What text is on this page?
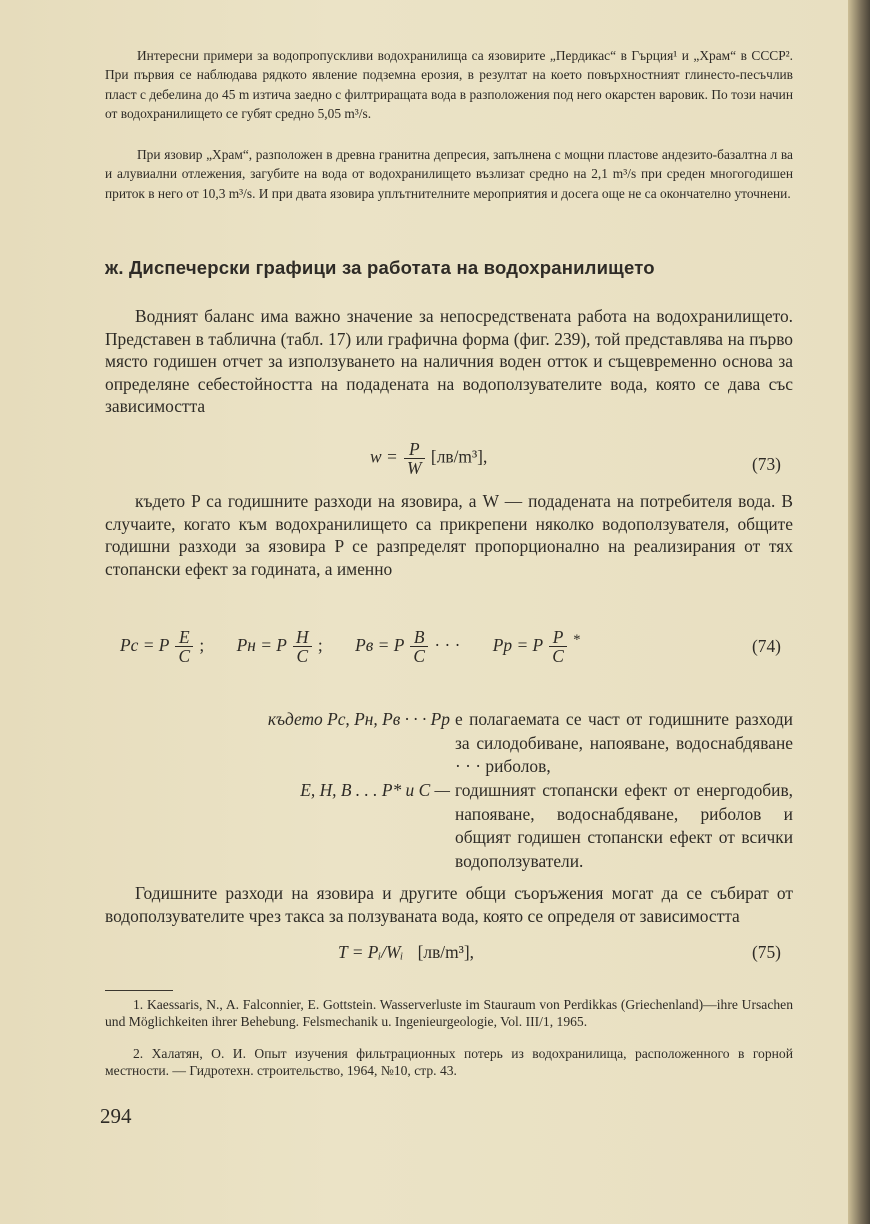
Интересни примери за водопропускливи водохранилища са язовирите „Пердикас“ в Гърция¹ и „Храм“ в СССР². При първия се наблюдава рядкото явление подземна ерозия, в резултат на което повърхностният глинесто-песъчлив пласт с дебелина до 45 m изтича заедно с филтриращата вода в разположения под него окарстен варовик. По този начин от водохранилището се губят средно 5,05 m³/s.

При язовир „Храм“, разположен в древна гранитна депресия, запълнена с мощни пластове андезито-базалтна л ва и алувиални отлежения, загубите на вода от водохранилището възлизат средно на 2,1 m³/s при среден многогодишен приток в него от 10,3 m³/s. И при двата язовира уплътнителните мероприятия и досега още не са окончателно уточнени.

ж. Диспечерски графици за работата на водохранилището

Водният баланс има важно значение за непосредствената работа на водохранилището. Представен в таблична (табл. 17) или графична форма (фиг. 239), той представлява на първо място годишен отчет за използуването на наличния воден отток и същевременно основа за определяне себестойността на подадената на водоползувателите вода, която се дава със зависимостта

$w = \frac{P}{W} [лв/m^3]$,	(73)

където P са годишните разходи на язовира, а W — подадената на потребителя вода. В случаите, когато към водохранилището са прикрепени няколко водоползувателя, общите годишни разходи за язовира P се разпределят пропорционално на реализирания от тях стопански ефект за годината, а именно

Pс = P $\frac{E}{C}$ ; Pн = P $\frac{H}{C}$ ; Pв = P $\frac{B}{C}$ · · · Pр = P $\frac{P}{C} ^*$	(74)
където Pс, Pн, Pв · · · Pр е полагаемата се част от годишните разходи за силодобиване, напояване, водоснабдяване · · · риболов,
E, H, B . . . P* и C — годишният стопански ефект от енергодобив, напояване, водоснабдяване, риболов и общият годишен стопански ефект от всички водоползуватели.

Годишните разходи на язовира и другите общи съоръжения могат да се събират от водоползувателите чрез такса за ползуваната вода, която се определя от зависимостта

T = Pᵢ/Wᵢ [лв/m³],	(75)

1. Kaessaris, N., A. Falconnier, E. Gottstein. Wasserverluste im Stauraum von Perdikkas (Griechenland)—ihre Ursachen und Möglichkeiten ihrer Behebung. Felsmechanik u. Ingenieurgeologie, Vol. III/1, 1965.

2. Халатян, О. И. Опыт изучения фильтрационных потерь из водохранилища, расположенного в горной местности. — Гидротехн. строительство, 1964, №10, стр. 43.

294
